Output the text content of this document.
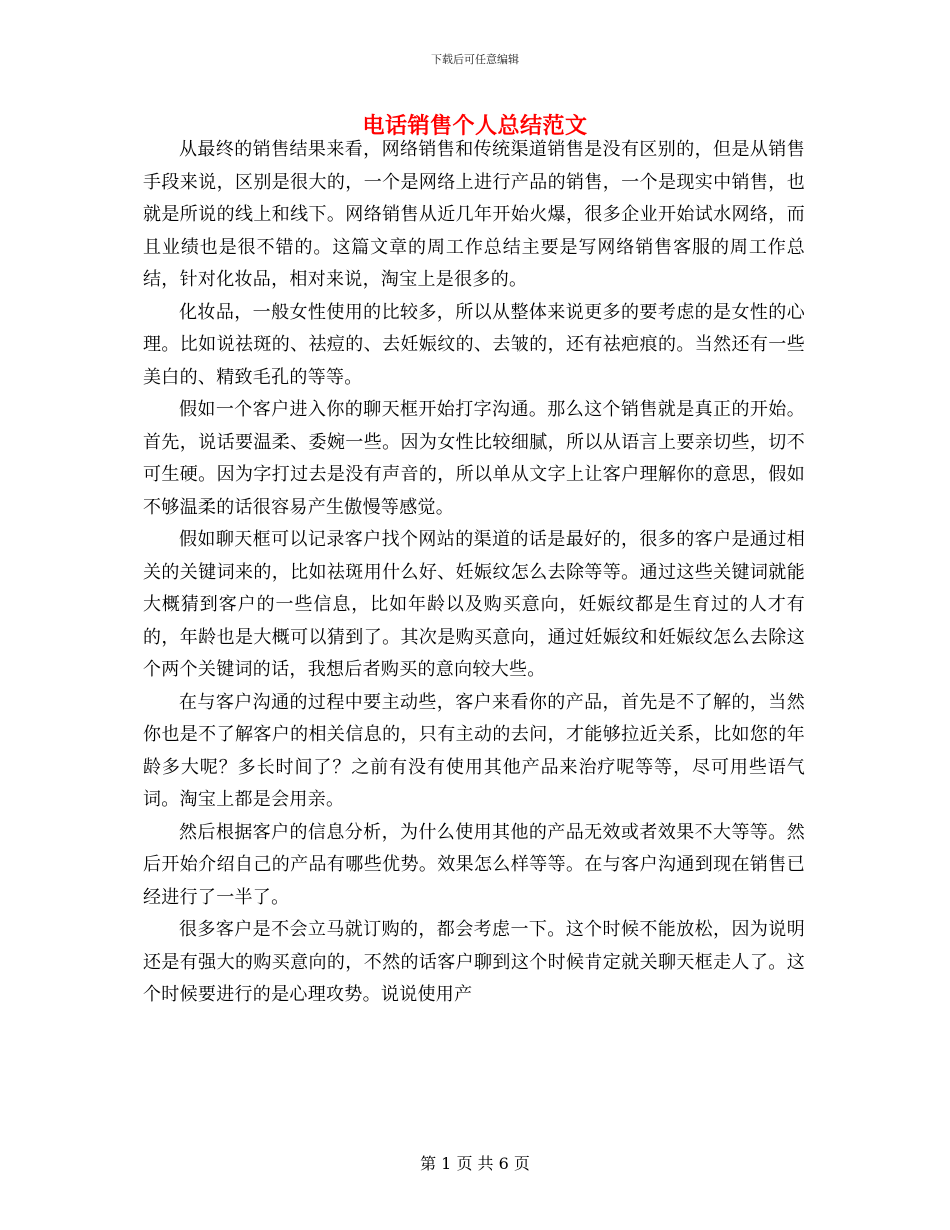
下载后可任意编辑
电话销售个人总结范文

从最终的销售结果来看，网络销售和传统渠道销售是没有区别的，但是从销售手段来说，区别是很大的，一个是网络上进行产品的销售，一个是现实中销售，也就是所说的线上和线下。网络销售从近几年开始火爆，很多企业开始试水网络，而且业绩也是很不错的。这篇文章的周工作总结主要是写网络销售客服的周工作总结，针对化妆品，相对来说，淘宝上是很多的。

化妆品，一般女性使用的比较多，所以从整体来说更多的要考虑的是女性的心理。比如说祛斑的、祛痘的、去妊娠纹的、去皱的，还有祛疤痕的。当然还有一些美白的、精致毛孔的等等。

假如一个客户进入你的聊天框开始打字沟通。那么这个销售就是真正的开始。首先，说话要温柔、委婉一些。因为女性比较细腻，所以从语言上要亲切些，切不可生硬。因为字打过去是没有声音的，所以单从文字上让客户理解你的意思，假如不够温柔的话很容易产生傲慢等感觉。

假如聊天框可以记录客户找个网站的渠道的话是最好的，很多的客户是通过相关的关键词来的，比如祛斑用什么好、妊娠纹怎么去除等等。通过这些关键词就能大概猜到客户的一些信息，比如年龄以及购买意向，妊娠纹都是生育过的人才有的，年龄也是大概可以猜到了。其次是购买意向，通过妊娠纹和妊娠纹怎么去除这个两个关键词的话，我想后者购买的意向较大些。

在与客户沟通的过程中要主动些，客户来看你的产品，首先是不了解的，当然你也是不了解客户的相关信息的，只有主动的去问，才能够拉近关系，比如您的年龄多大呢？多长时间了？之前有没有使用其他产品来治疗呢等等，尽可用些语气词。淘宝上都是会用亲。

然后根据客户的信息分析，为什么使用其他的产品无效或者效果不大等等。然后开始介绍自己的产品有哪些优势。效果怎么样等等。在与客户沟通到现在销售已经进行了一半了。

很多客户是不会立马就订购的，都会考虑一下。这个时候不能放松，因为说明还是有强大的购买意向的，不然的话客户聊到这个时候肯定就关聊天框走人了。这个时候要进行的是心理攻势。说说使用产

第 1 页 共 6 页
